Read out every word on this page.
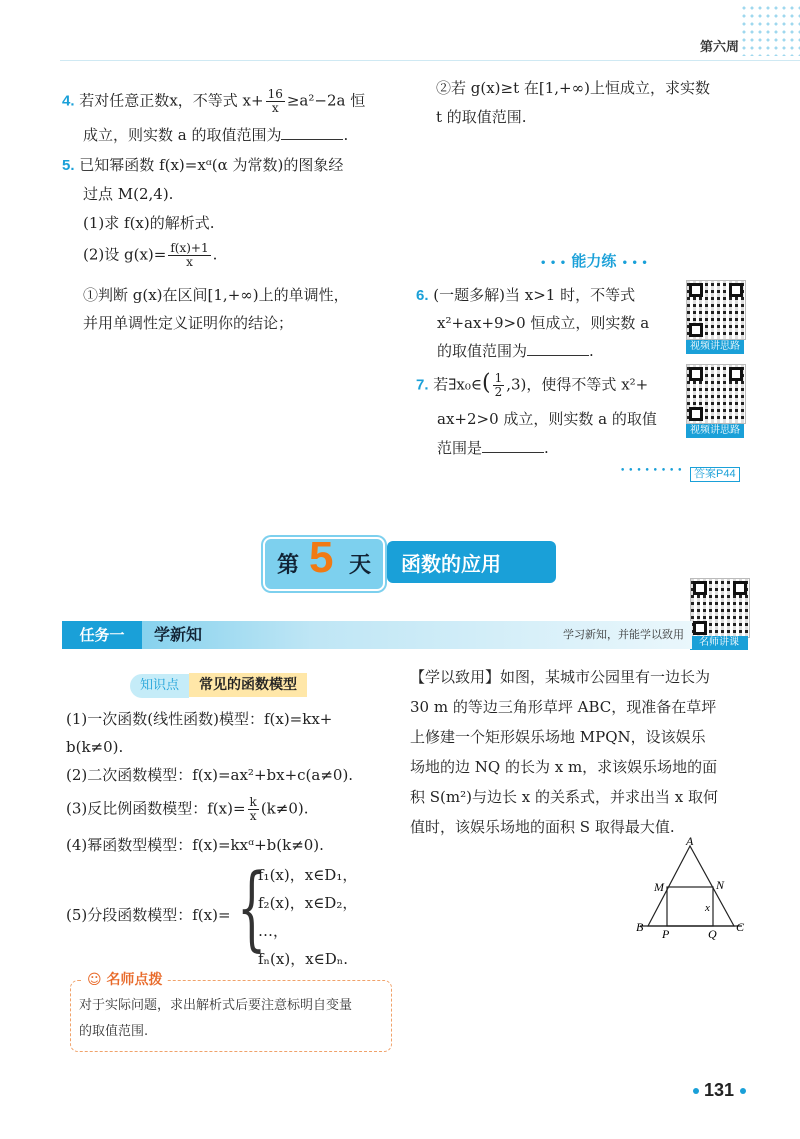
第六周
4. 若对任意正数x，不等式 $x+ \frac{16}{x} \ge a^2-2a$ 恒
成立，则实数 a 的取值范围为	.
5. 已知幂函数 f(x)=xᵅ(α 为常数)的图象经
过点 M(2,4).
(1)求 f(x)的解析式.
(2)设 $g(x)= \frac{f(x)+1}{x}$ .
①判断 g(x)在区间[1,+∞)上的单调性，
并用单调性定义证明你的结论；
②若 g(x)≥t 在[1,+∞)上恒成立，求实数
t 的取值范围.
• • • 能力练 • • •
6. (一题多解)当 x>1 时，不等式
x²+ax+9>0 恒成立，则实数 a
的取值范围为	.	视频讲思路
7. 若∃x₀∈( $\frac{1}{2} ,3$)，使得不等式 x²+
ax+2>0 成立，则实数 a 的取值
范围是	.
视频讲思路
• • • • • • • •	答案P44
第 5 天 函数的应用
名师讲课
任务一	学新知	学习新知，并能学以致用
知识点 常见的函数模型
(1)一次函数(线性函数)模型：f(x)=kx+
b(k≠0).
(2)二次函数模型：f(x)=ax²+bx+c(a≠0).
(3)反比例函数模型：$f(x)= \frac{k}{x} (k\ne 0)$.
(4)幂函数型模型：f(x)=kxᵅ+b(k≠0).
(5)分段函数模型：f(x)= {
f₁(x)，x∈D₁，
f₂(x)，x∈D₂，
…，
fₙ(x)，x∈Dₙ.
☺ 名师点拨
对于实际问题，求出解析式后要注意标明自变量
的取值范围.
【学以致用】如图，某城市公园里有一边长为
30 m 的等边三角形草坪 ABC，现准备在草坪
上修建一个矩形娱乐场地 MPQN，设该娱乐
场地的边 NQ 的长为 x m，求该娱乐场地的面
积 S(m²)与边长 x 的关系式，并求出当 x 取何
值时，该娱乐场地的面积 S 取得最大值.
A
B	C
M	N
P	Q
x
131
